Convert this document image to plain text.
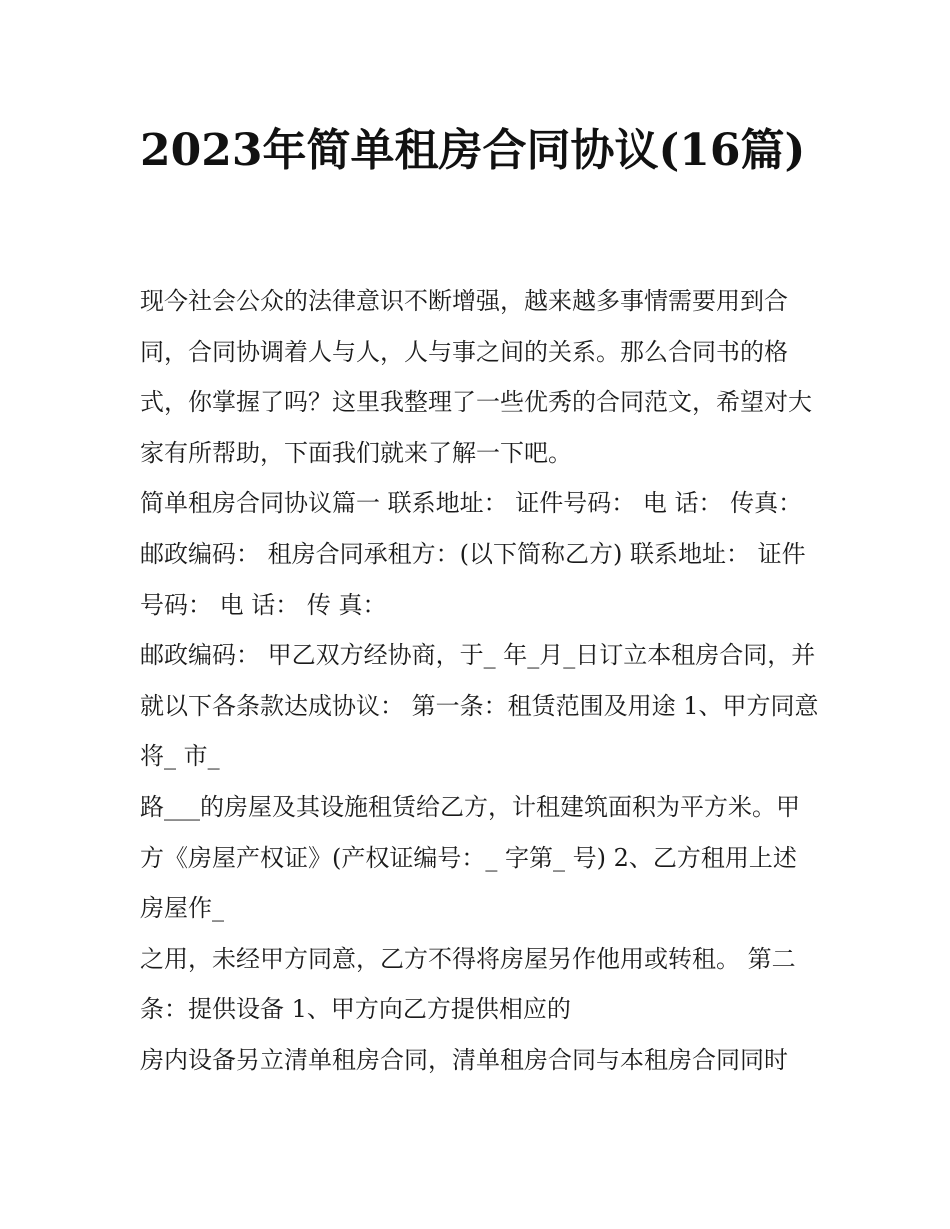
2023年简单租房合同协议(16篇)

现今社会公众的法律意识不断增强，越来越多事情需要用到合同，合同协调着人与人，人与事之间的关系。那么合同书的格式，你掌握了吗？这里我整理了一些优秀的合同范文，希望对大家有所帮助，下面我们就来了解一下吧。

简单租房合同协议篇一 联系地址： 证件号码： 电 话： 传真： 邮政编码： 租房合同承租方：(以下简称乙方) 联系地址： 证件号码： 电 话： 传 真：

邮政编码： 甲乙双方经协商，于_ 年_月_日订立本租房合同，并就以下各条款达成协议： 第一条：租赁范围及用途 1、甲方同意将_ 市_

路___的房屋及其设施租赁给乙方，计租建筑面积为平方米。甲方《房屋产权证》(产权证编号：_ 字第_ 号) 2、乙方租用上述房屋作_

之用，未经甲方同意，乙方不得将房屋另作他用或转租。 第二条：提供设备 1、甲方向乙方提供相应的

房内设备另立清单租房合同，清单租房合同与本租房合同同时
